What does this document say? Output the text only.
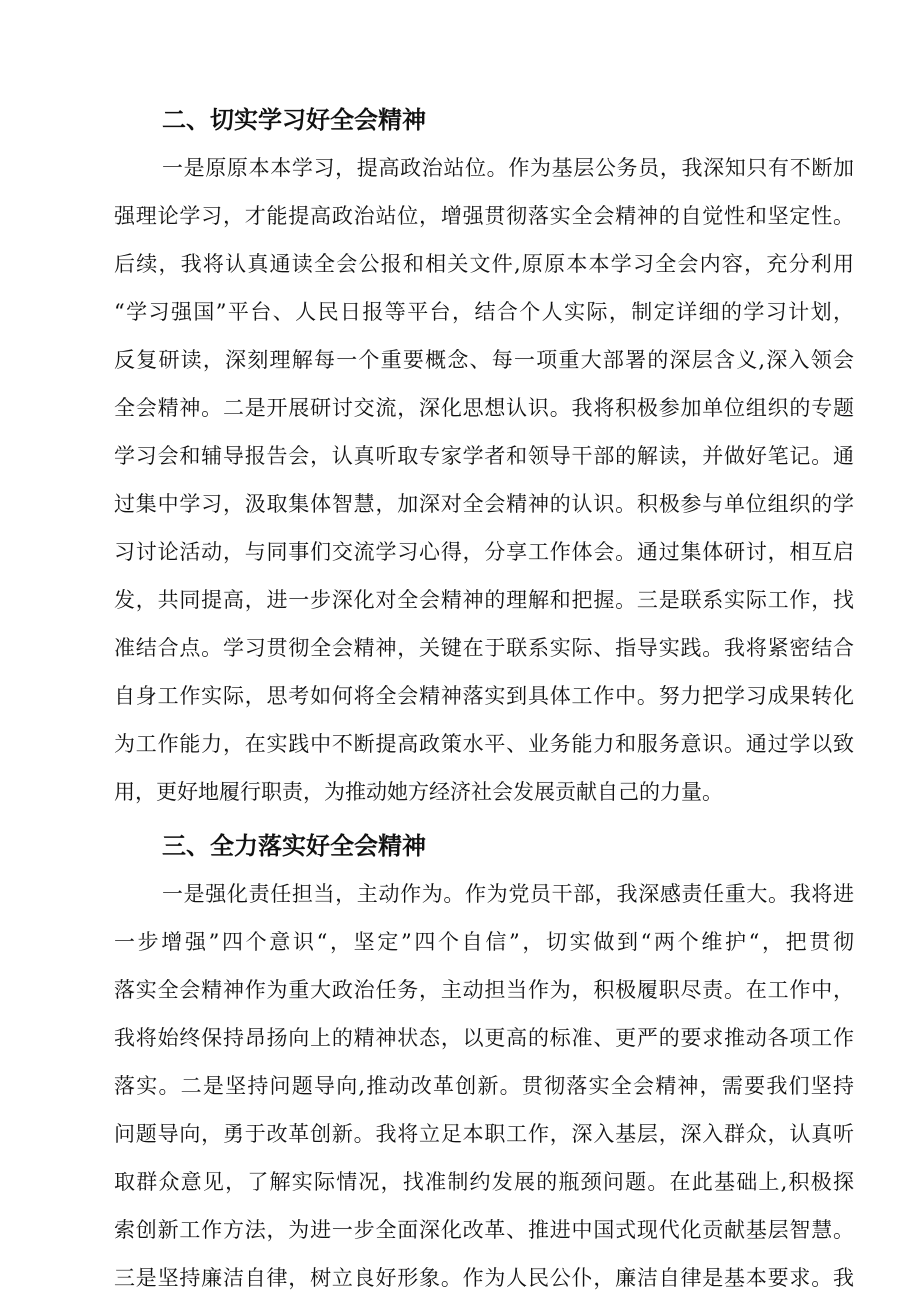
二、切实学习好全会精神
一是原原本本学习，提高政治站位。作为基层公务员，我深知只有不断加
强理论学习，才能提高政治站位，增强贯彻落实全会精神的自觉性和坚定性。
后续，我将认真通读全会公报和相关文件,原原本本学习全会内容，充分利用
“学习强国”平台、人民日报等平台，结合个人实际，制定详细的学习计划，
反复研读，深刻理解每一个重要概念、每一项重大部署的深层含义,深入领会
全会精神。二是开展研讨交流，深化思想认识。我将积极参加单位组织的专题
学习会和辅导报告会，认真听取专家学者和领导干部的解读，并做好笔记。通
过集中学习，汲取集体智慧，加深对全会精神的认识。积极参与单位组织的学
习讨论活动，与同事们交流学习心得，分享工作体会。通过集体研讨，相互启
发，共同提高，进一步深化对全会精神的理解和把握。三是联系实际工作，找
准结合点。学习贯彻全会精神，关键在于联系实际、指导实践。我将紧密结合
自身工作实际，思考如何将全会精神落实到具体工作中。努力把学习成果转化
为工作能力，在实践中不断提高政策水平、业务能力和服务意识。通过学以致
用，更好地履行职责，为推动她方经济社会发展贡献自己的力量。
三、全力落实好全会精神
一是强化责任担当，主动作为。作为党员干部，我深感责任重大。我将进
一步增强”四个意识“，坚定”四个自信”，切实做到“两个维护“，把贯彻
落实全会精神作为重大政治任务，主动担当作为，积极履职尽责。在工作中，
我将始终保持昂扬向上的精神状态，以更高的标准、更严的要求推动各项工作
落实。二是坚持问题导向,推动改革创新。贯彻落实全会精神，需要我们坚持
问题导向，勇于改革创新。我将立足本职工作，深入基层，深入群众，认真听
取群众意见，了解实际情况，找准制约发展的瓶颈问题。在此基础上,积极探
索创新工作方法，为进一步全面深化改革、推进中国式现代化贡献基层智慧。
三是坚持廉洁自律，树立良好形象。作为人民公仆，廉洁自律是基本要求。我
